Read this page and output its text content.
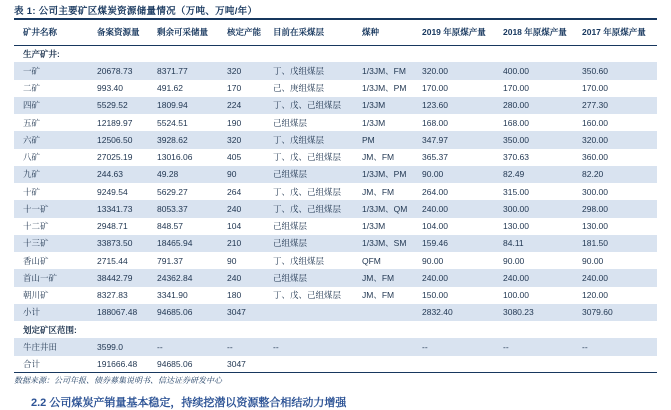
表 1: 公司主要矿区煤炭资源储量情况（万吨、万吨/年）
矿井名称	备案资源量	剩余可采储量	核定产能	目前在采煤层	煤种	2019 年原煤产量	2018 年原煤产量	2017 年原煤产量
生产矿井:								
一矿	20678.73	8371.77	320	丁、戊组煤层	1/3JM、FM	320.00	400.00	350.60
二矿	993.40	491.62	170	己、庚组煤层	1/3JM、PM	170.00	170.00	170.00
四矿	5529.52	1809.94	224	丁、戊、己组煤层	1/3JM	123.60	280.00	277.30
五矿	12189.97	5524.51	190	己组煤层	1/3JM	168.00	168.00	160.00
六矿	12506.50	3928.62	320	丁、戊组煤层	PM	347.97	350.00	320.00
八矿	27025.19	13016.06	405	丁、戊、己组煤层	JM、FM	365.37	370.63	360.00
九矿	244.63	49.28	90	己组煤层	1/3JM、PM	90.00	82.49	82.20
十矿	9249.54	5629.27	264	丁、戊、己组煤层	JM、FM	264.00	315.00	300.00
十一矿	13341.73	8053.37	240	丁、戊、己组煤层	1/3JM、QM	240.00	300.00	298.00
十二矿	2948.71	848.57	104	己组煤层	1/3JM	104.00	130.00	130.00
十三矿	33873.50	18465.94	210	己组煤层	1/3JM、SM	159.46	84.11	181.50
香山矿	2715.44	791.37	90	丁、戊组煤层	QFM	90.00	90.00	90.00
首山一矿	38442.79	24362.84	240	己组煤层	JM、FM	240.00	240.00	240.00
朝川矿	8327.83	3341.90	180	丁、戊、己组煤层	JM、FM	150.00	100.00	120.00
小计	188067.48	94685.06	3047			2832.40	3080.23	3079.60
划定矿区范围:								
牛庄井田	3599.0	--	--	--		--	--	--
合计	191666.48	94685.06	3047					
数据来源：公司年报、债券募集说明书、信达证券研发中心
2.2 公司煤炭产销量基本稳定，持续挖潜以资源整合相结动力增强
